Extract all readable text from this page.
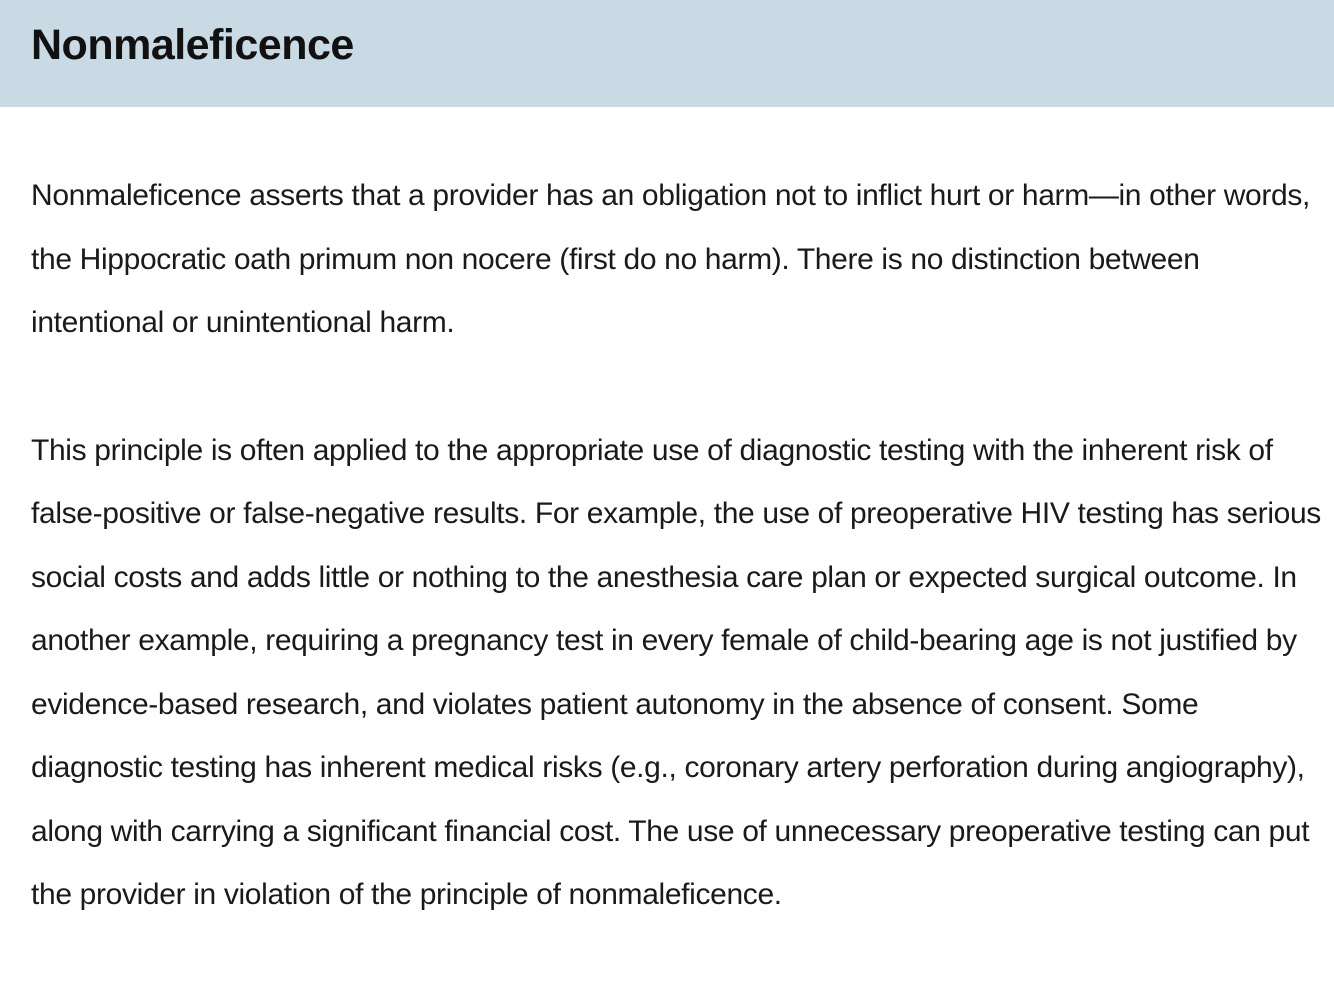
Nonmaleficence

Nonmaleficence asserts that a provider has an obligation not to inflict hurt or harm—in other words, the Hippocratic oath primum non nocere (first do no harm). There is no distinction between intentional or unintentional harm.

This principle is often applied to the appropriate use of diagnostic testing with the inherent risk of false-positive or false-negative results. For example, the use of preoperative HIV testing has serious social costs and adds little or nothing to the anesthesia care plan or expected surgical outcome. In another example, requiring a pregnancy test in every female of child-bearing age is not justified by evidence-based research, and violates patient autonomy in the absence of consent. Some diagnostic testing has inherent medical risks (e.g., coronary artery perforation during angiography), along with carrying a significant financial cost. The use of unnecessary preoperative testing can put the provider in violation of the principle of nonmaleficence.
